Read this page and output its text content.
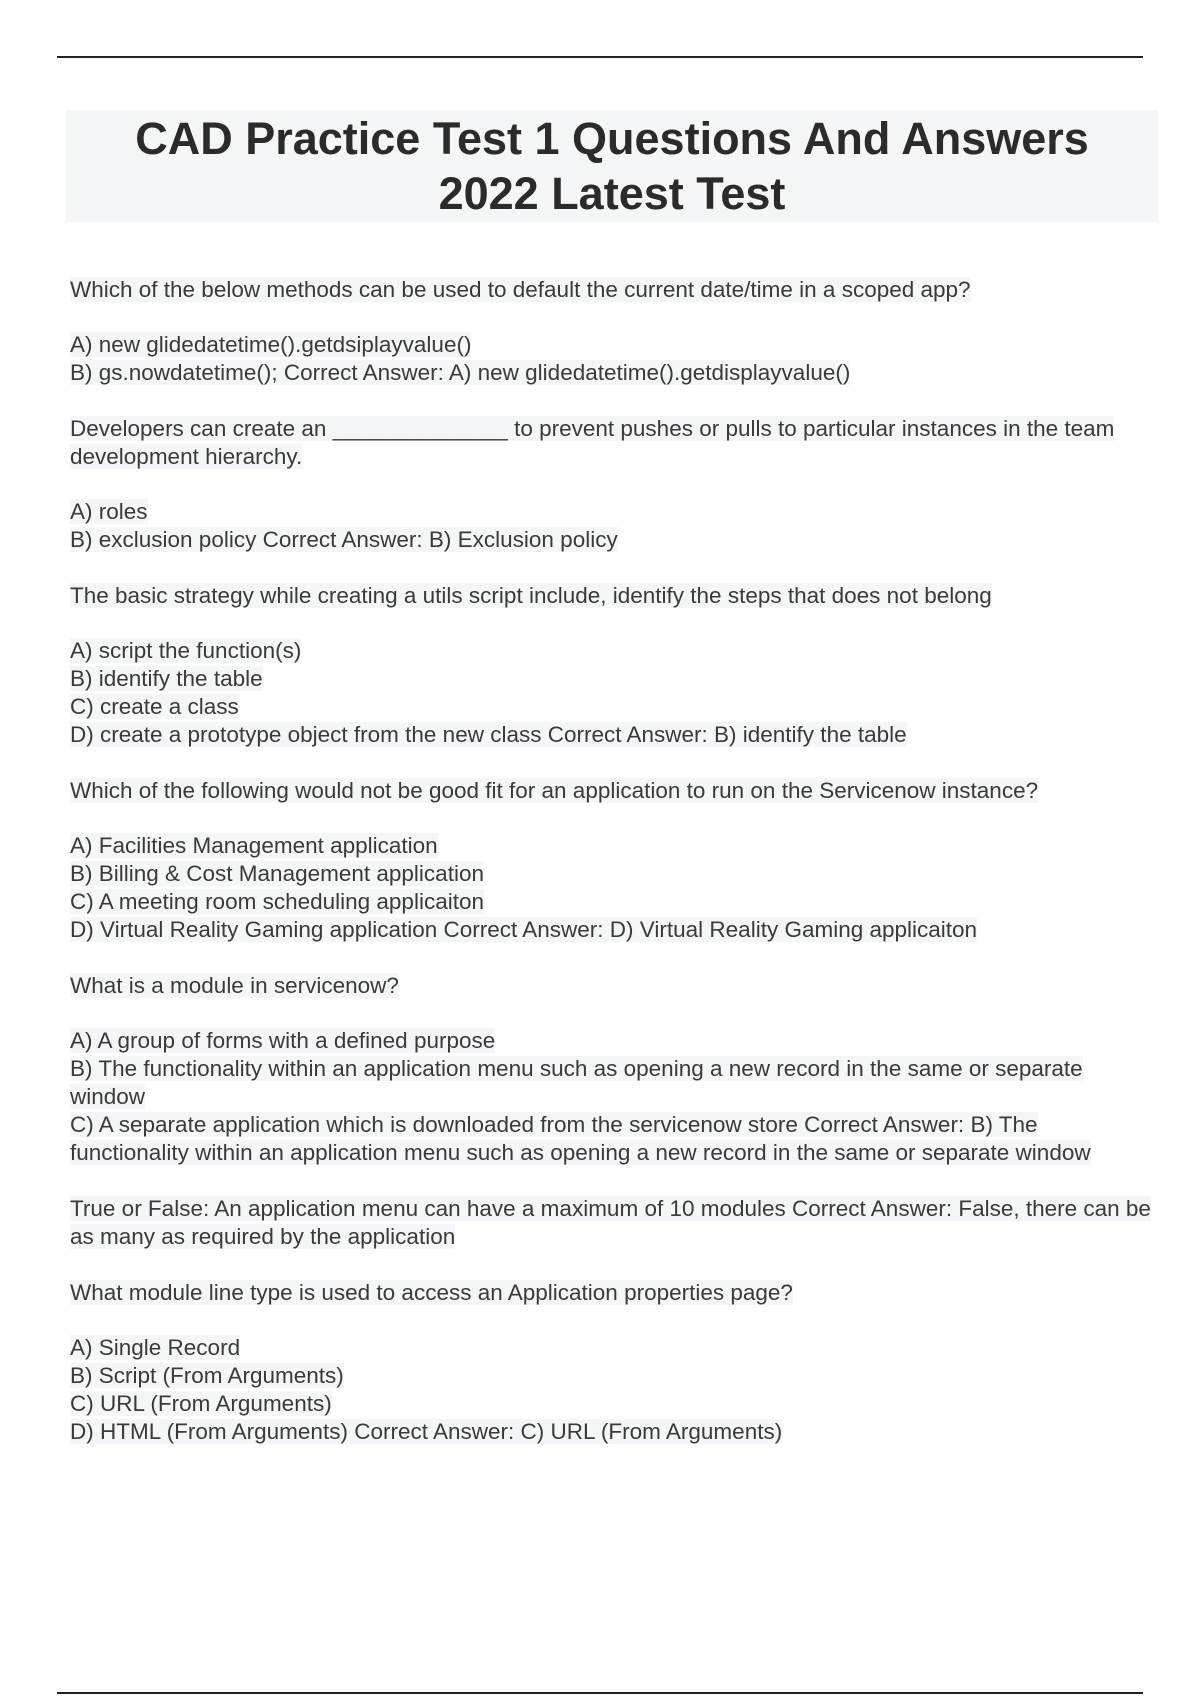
CAD Practice Test 1 Questions And Answers 2022 Latest Test

Which of the below methods can be used to default the current date/time in a scoped app?

A) new glidedatetime().getdsiplayvalue()

B) gs.nowdatetime(); Correct Answer: A) new glidedatetime().getdisplayvalue()

Developers can create an ______________ to prevent pushes or pulls to particular instances in the team development hierarchy.

A) roles

B) exclusion policy Correct Answer: B) Exclusion policy

The basic strategy while creating a utils script include, identify the steps that does not belong

A) script the function(s)

B) identify the table

C) create a class

D) create a prototype object from the new class Correct Answer: B) identify the table

Which of the following would not be good fit for an application to run on the Servicenow instance?

A) Facilities Management application

B) Billing & Cost Management application

C) A meeting room scheduling applicaiton

D) Virtual Reality Gaming application Correct Answer: D) Virtual Reality Gaming applicaiton

What is a module in servicenow?

A) A group of forms with a defined purpose

B) The functionality within an application menu such as opening a new record in the same or separate window

C) A separate application which is downloaded from the servicenow store Correct Answer: B) The functionality within an application menu such as opening a new record in the same or separate window

True or False: An application menu can have a maximum of 10 modules Correct Answer: False, there can be as many as required by the application

What module line type is used to access an Application properties page?

A) Single Record

B) Script (From Arguments)

C) URL (From Arguments)

D) HTML (From Arguments) Correct Answer: C) URL (From Arguments)
